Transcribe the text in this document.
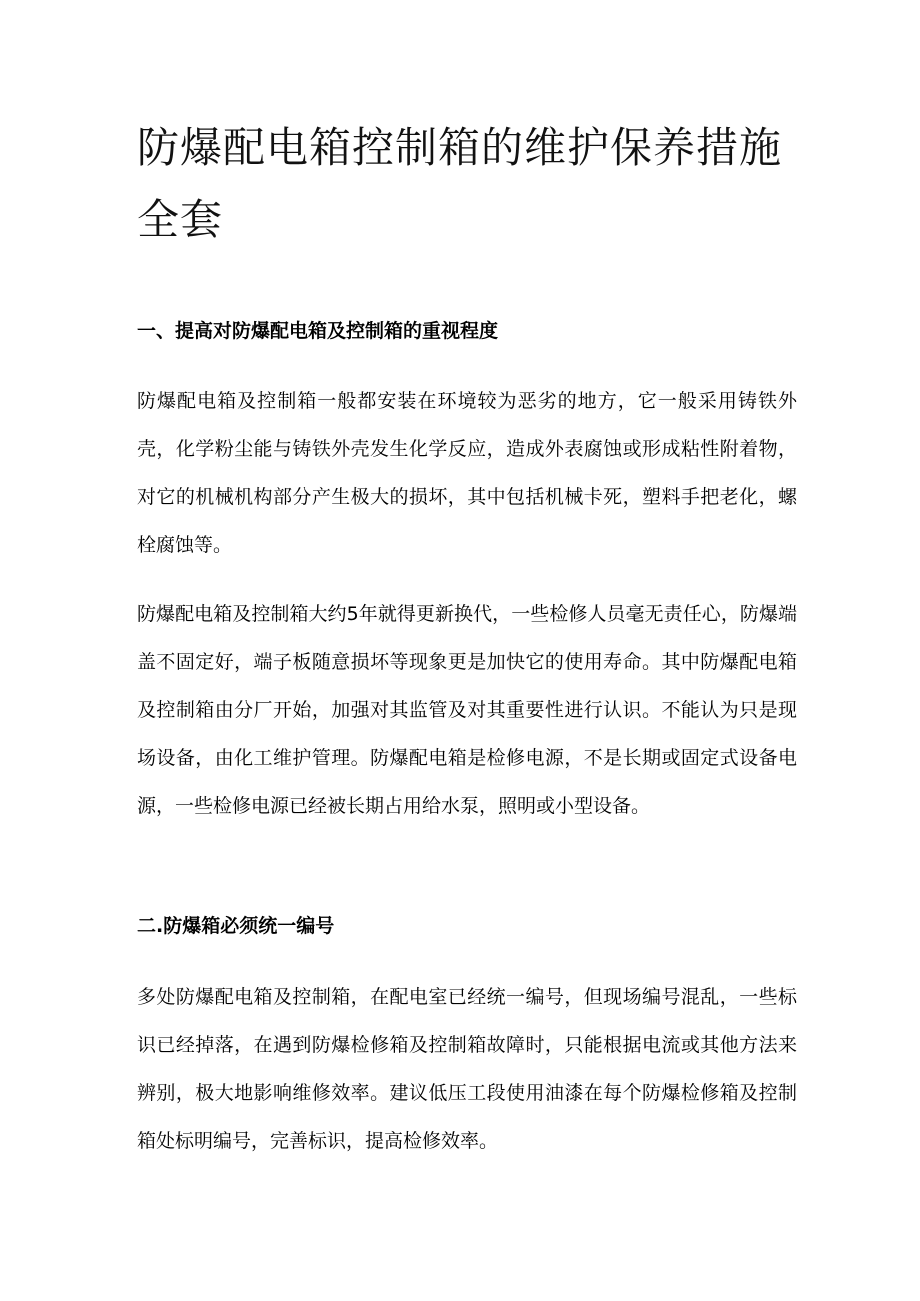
防爆配电箱控制箱的维护保养措施全套
一、提高对防爆配电箱及控制箱的重视程度

防爆配电箱及控制箱一般都安装在环境较为恶劣的地方，它一般采用铸铁外壳，化学粉尘能与铸铁外壳发生化学反应，造成外表腐蚀或形成粘性附着物，对它的机械机构部分产生极大的损坏，其中包括机械卡死，塑料手把老化，螺栓腐蚀等。

防爆配电箱及控制箱大约5年就得更新换代，一些检修人员毫无责任心，防爆端盖不固定好，端子板随意损坏等现象更是加快它的使用寿命。其中防爆配电箱及控制箱由分厂开始，加强对其监管及对其重要性进行认识。不能认为只是现场设备，由化工维护管理。防爆配电箱是检修电源，不是长期或固定式设备电源，一些检修电源已经被长期占用给水泵，照明或小型设备。

二.防爆箱必须统一编号

多处防爆配电箱及控制箱，在配电室已经统一编号，但现场编号混乱，一些标识已经掉落，在遇到防爆检修箱及控制箱故障时，只能根据电流或其他方法来辨别，极大地影响维修效率。建议低压工段使用油漆在每个防爆检修箱及控制箱处标明编号，完善标识，提高检修效率。
